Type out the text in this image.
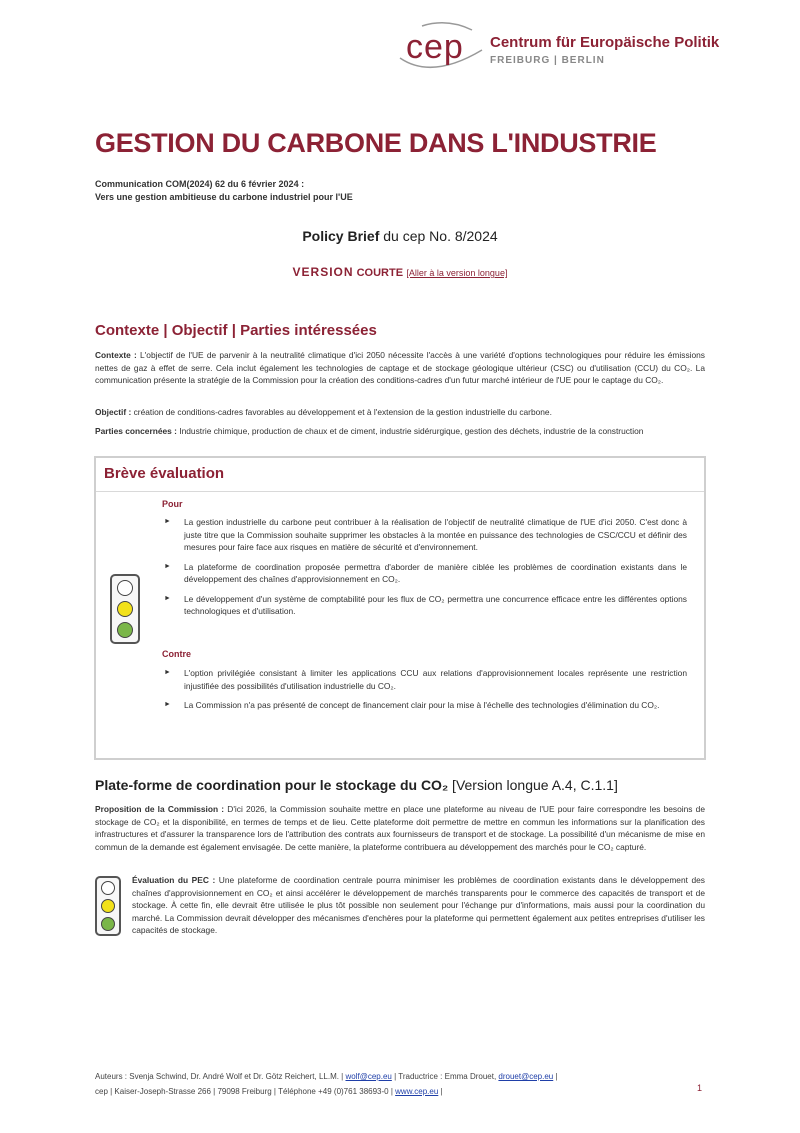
cep Centrum für Europäische Politik
FREIBURG | BERLIN
GESTION DU CARBONE DANS L'INDUSTRIE
Communication COM(2024) 62 du 6 février 2024 :
Vers une gestion ambitieuse du carbone industriel pour l'UE
Policy Brief du cep No. 8/2024
VERSION COURTE [Aller à la version longue]
Contexte | Objectif | Parties intéressées
Contexte : L'objectif de l'UE de parvenir à la neutralité climatique d'ici 2050 nécessite l'accès à une variété d'options technologiques pour réduire les émissions nettes de gaz à effet de serre. Cela inclut également les technologies de captage et de stockage géologique ultérieur (CSC) ou d'utilisation (CCU) du CO₂. La communication présente la stratégie de la Commission pour la création des conditions-cadres d'un futur marché intérieur de l'UE pour le captage du CO₂.
Objectif : création de conditions-cadres favorables au développement et à l'extension de la gestion industrielle du carbone.
Parties concernées : Industrie chimique, production de chaux et de ciment, industrie sidérurgique, gestion des déchets, industrie de la construction
Brève évaluation
Pour
► La gestion industrielle du carbone peut contribuer à la réalisation de l'objectif de neutralité climatique de l'UE d'ici 2050. C'est donc à juste titre que la Commission souhaite supprimer les obstacles à la montée en puissance des technologies de CSC/CCU et définir des mesures pour faire face aux risques en matière de sécurité et d'environnement.
► La plateforme de coordination proposée permettra d'aborder de manière ciblée les problèmes de coordination existants dans le développement des chaînes d'approvisionnement en CO₂.
► Le développement d'un système de comptabilité pour les flux de CO₂ permettra une concurrence efficace entre les différentes options technologiques et d'utilisation.
Contre
► L'option privilégiée consistant à limiter les applications CCU aux relations d'approvisionnement locales représente une restriction injustifiée des possibilités d'utilisation industrielle du CO₂.
► La Commission n'a pas présenté de concept de financement clair pour la mise à l'échelle des technologies d'élimination du CO₂.
Plate-forme de coordination pour le stockage du CO₂ [Version longue A.4, C.1.1]
Proposition de la Commission : D'ici 2026, la Commission souhaite mettre en place une plateforme au niveau de l'UE pour faire correspondre les besoins de stockage de CO₂ et la disponibilité, en termes de temps et de lieu. Cette plateforme doit permettre de mettre en commun les informations sur la planification des infrastructures et d'assurer la transparence lors de l'attribution des contrats aux fournisseurs de transport et de stockage. La possibilité d'un mécanisme de mise en commun de la demande est également envisagée. De cette manière, la plateforme contribuera au développement des marchés pour le CO₂ capturé.
Évaluation du PEC : Une plateforme de coordination centrale pourra minimiser les problèmes de coordination existants dans le développement des chaînes d'approvisionnement en CO₂ et ainsi accélérer le développement de marchés transparents pour le commerce des capacités de transport et de stockage. À cette fin, elle devrait être utilisée le plus tôt possible non seulement pour l'échange pur d'informations, mais aussi pour la coordination du marché. La Commission devrait développer des mécanismes d'enchères pour la plateforme qui permettent également aux petites entreprises d'utiliser les capacités de stockage.
Auteurs : Svenja Schwind, Dr. André Wolf et Dr. Götz Reichert, LL.M. | wolf@cep.eu | Traductrice : Emma Drouet, drouet@cep.eu |
cep | Kaiser-Joseph-Strasse 266 | 79098 Freiburg | Téléphone +49 (0)761 38693-0 | www.cep.eu |	1
